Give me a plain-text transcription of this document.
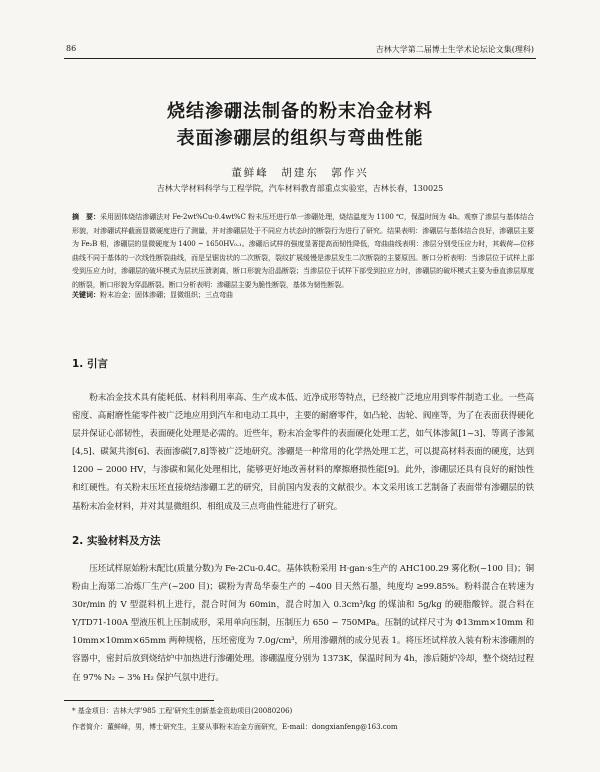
86	吉林大学第二届博士生学术论坛论文集(理科)
烧结渗硼法制备的粉末冶金材料
表面渗硼层的组织与弯曲性能
董鲜峰　胡建东　郭作兴
吉林大学材料科学与工程学院，汽车材料教育部重点实验室，吉林长春，130025
摘　要：采用固体烧结渗硼法对 Fe-2wt%Cu-0.4wt%C 粉末压坯进行单一渗硼处理，烧结温度为 1100 ℃，保温时间为 4h。观察了渗层与基体结合形貌，对渗硼试样截面显微硬度进行了测量，并对渗硼层处于不同应力状态时的断裂行为进行了研究。结果表明：渗硼层与基体结合良好，渗硼层主要为 Fe₂B 相，渗硼层的显微硬度为 1400 ~ 1650HV₀.₁。渗硼后试样的强度显著提高而韧性降低，弯曲曲线表明：渗层分别受压应力时，其载荷—位移曲线不同于基体的一次线性断裂曲线，而是呈锯齿状的二次断裂，裂纹扩展缓慢是渗层发生二次断裂的主要原因。断口分析表明：当渗层位于试样上部受到压应力时，渗硼层的破坏模式为层状压溃剥离，断口形貌为沿晶断裂；当渗层位于试样下部受到拉应力时，渗硼层的破坏模式主要为垂直渗层厚度的断裂，断口形貌为穿晶断裂。断口分析表明：渗硼层主要为脆性断裂，基体为韧性断裂。
关键词：粉末冶金；固体渗硼；显微组织；三点弯曲
1. 引言
粉末冶金技术具有能耗低、材料利用率高、生产成本低、近净成形等特点，已经被广泛地应用到零件制造工业。一些高密度、高耐磨性能零件被广泛地应用到汽车和电动工具中，主要的耐磨零件，如凸轮、齿轮、阀座等，为了在表面获得硬化层并保证心部韧性，表面硬化处理是必需的。近些年，粉末冶金零件的表面硬化处理工艺，如气体渗氮[1~3]、等离子渗氮[4,5]、碳氮共渗[6]、表面渗碳[7,8]等被广泛地研究。渗硼是一种常用的化学热处理工艺，可以提高材料表面的硬度，达到 1200 ~ 2000 HV，与渗碳和氮化处理相比，能够更好地改善材料的摩擦磨损性能[9]。此外，渗硼层还具有良好的耐蚀性和红硬性。有关粉末压坯直接烧结渗硼工艺的研究，目前国内发表的文献很少。本文采用该工艺制备了表面带有渗硼层的铁基粉末冶金材料，并对其显微组织、相组成及三点弯曲性能进行了研究。
2. 实验材料及方法
压坯试样原始粉末配比(质量分数)为 Fe-2Cu-0.4C。基体铁粉采用 H·gan·s生产的 AHC100.29 雾化粉(~100 目)；铜粉由上海第二冶炼厂生产(~200 目)；碳粉为青岛华泰生产的 ~400 目天然石墨，纯度均 ≥99.85%。粉料混合在转速为 30r/min 的 V 型混料机上进行，混合时间为 60min，混合时加入 0.3cm³/kg 的煤油和 5g/kg 的硬脂酸锌。混合料在 Y/TD71-100A 型液压机上压制成形，采用单向压制，压制压力 650 ~ 750MPa。压制的试样尺寸为 Φ13mm×10mm 和 10mm×10mm×65mm 两种规格，压坯密度为 7.0g/cm³，所用渗硼剂的成分见表 1。将压坯试样放入装有粉末渗硼剂的容器中，密封后放到烧结炉中加热进行渗硼处理。渗硼温度分别为 1373K，保温时间为 4h，渗后随炉冷却，整个烧结过程在 97% N₂ ~ 3% H₂ 保护气氛中进行。
* 基金项目：吉林大学'985 工程'研究生创新基金资助项目(20080206)
作者简介：董鲜峰，男，博士研究生，主要从事粉末冶金方面研究，E-mail：dongxianfeng@163.com
